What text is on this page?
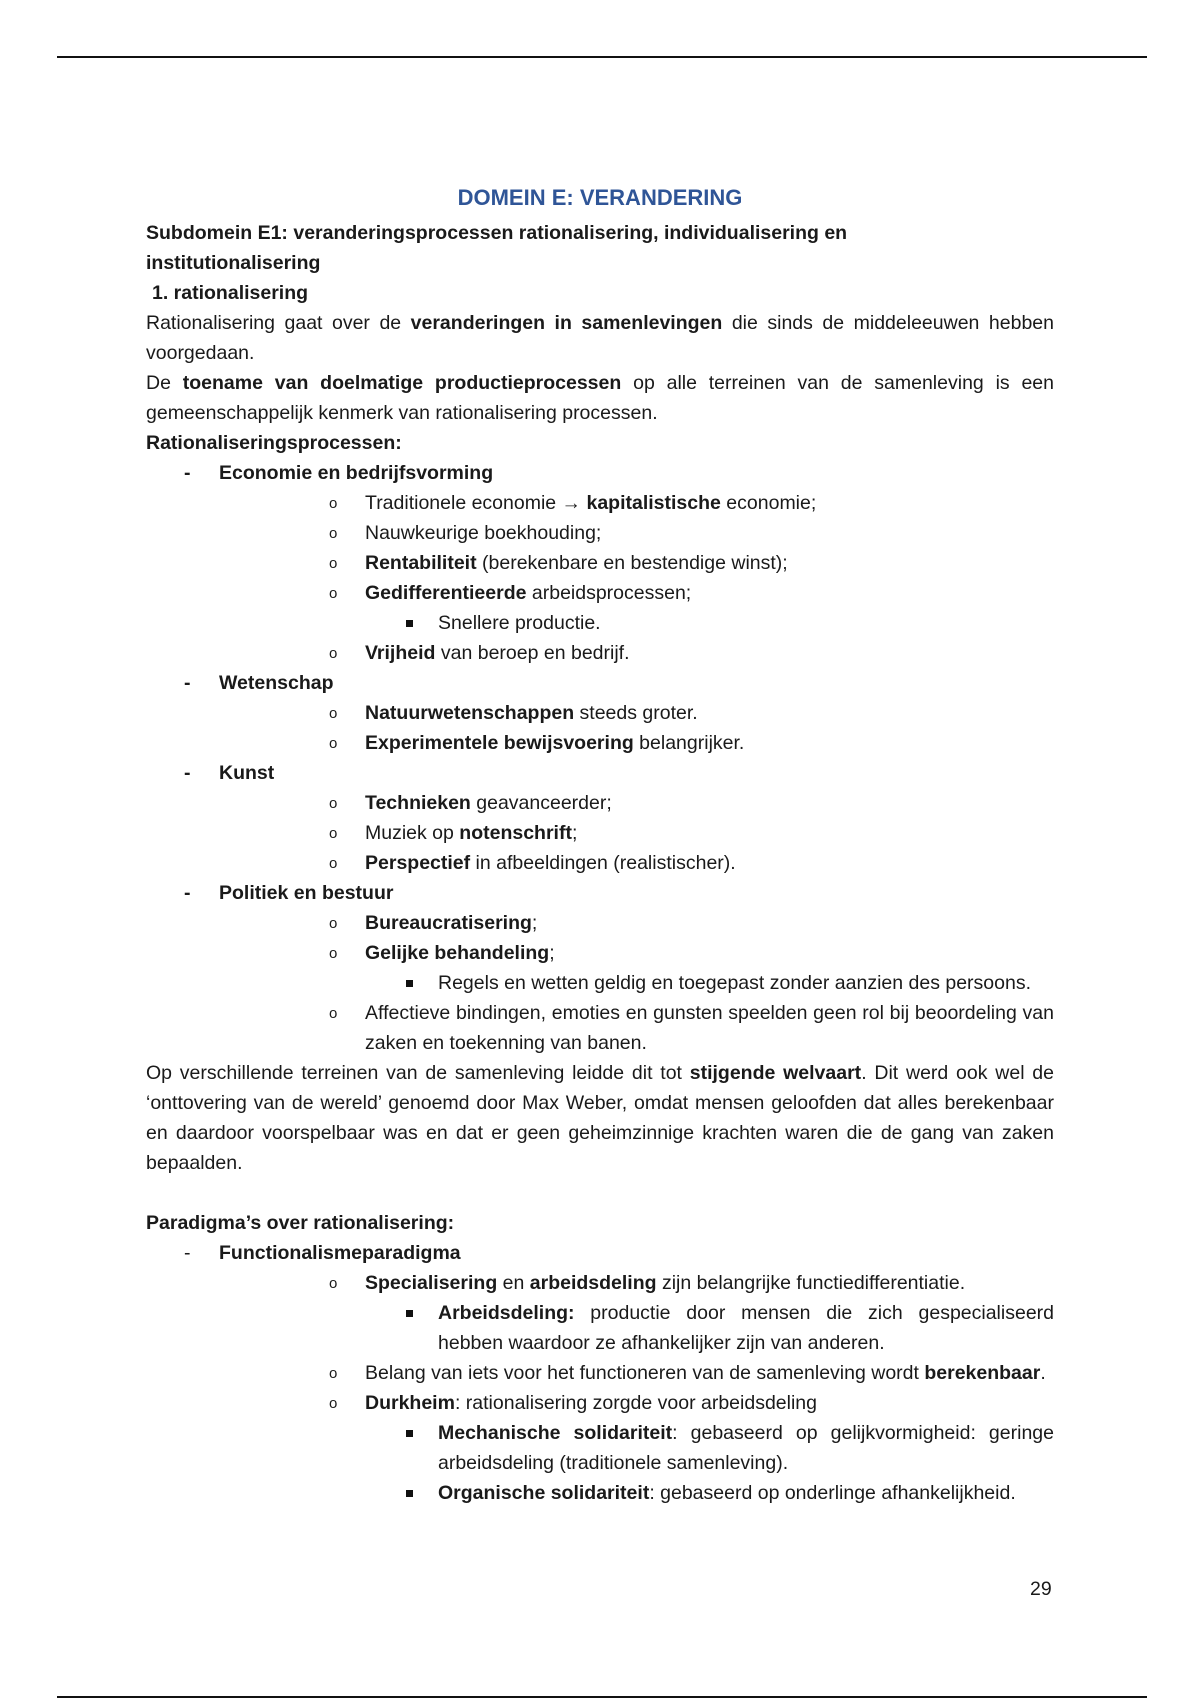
DOMEIN E: VERANDERING
Subdomein E1: veranderingsprocessen rationalisering, individualisering en institutionalisering
1. rationalisering

Rationalisering gaat over de veranderingen in samenlevingen die sinds de middeleeuwen hebben voorgedaan.

De toename van doelmatige productieprocessen op alle terreinen van de samenleving is een gemeenschappelijk kenmerk van rationalisering processen.

Rationaliseringsprocessen:
- Economie en bedrijfsvorming
o Traditionele economie → kapitalistische economie;
o Nauwkeurige boekhouding;
o Rentabiliteit (berekenbare en bestendige winst);
o Gedifferentieerde arbeidsprocessen;
Snellere productie.
o Vrijheid van beroep en bedrijf.
- Wetenschap
o Natuurwetenschappen steeds groter.
o Experimentele bewijsvoering belangrijker.
- Kunst
o Technieken geavanceerder;
o Muziek op notenschrift;
o Perspectief in afbeeldingen (realistischer).
- Politiek en bestuur
o Bureaucratisering;
o Gelijke behandeling;
Regels en wetten geldig en toegepast zonder aanzien des persoons.
o Affectieve bindingen, emoties en gunsten speelden geen rol bij beoordeling van zaken en toekenning van banen.

Op verschillende terreinen van de samenleving leidde dit tot stijgende welvaart. Dit werd ook wel de ‘onttovering van de wereld’ genoemd door Max Weber, omdat mensen geloofden dat alles berekenbaar en daardoor voorspelbaar was en dat er geen geheimzinnige krachten waren die de gang van zaken bepaalden.

Paradigma’s over rationalisering:
- Functionalismeparadigma
o Specialisering en arbeidsdeling zijn belangrijke functiedifferentiatie.
Arbeidsdeling: productie door mensen die zich gespecialiseerd hebben waardoor ze afhankelijker zijn van anderen.
o Belang van iets voor het functioneren van de samenleving wordt berekenbaar.
o Durkheim: rationalisering zorgde voor arbeidsdeling
Mechanische solidariteit: gebaseerd op gelijkvormigheid: geringe arbeidsdeling (traditionele samenleving).
Organische solidariteit: gebaseerd op onderlinge afhankelijkheid.
29
